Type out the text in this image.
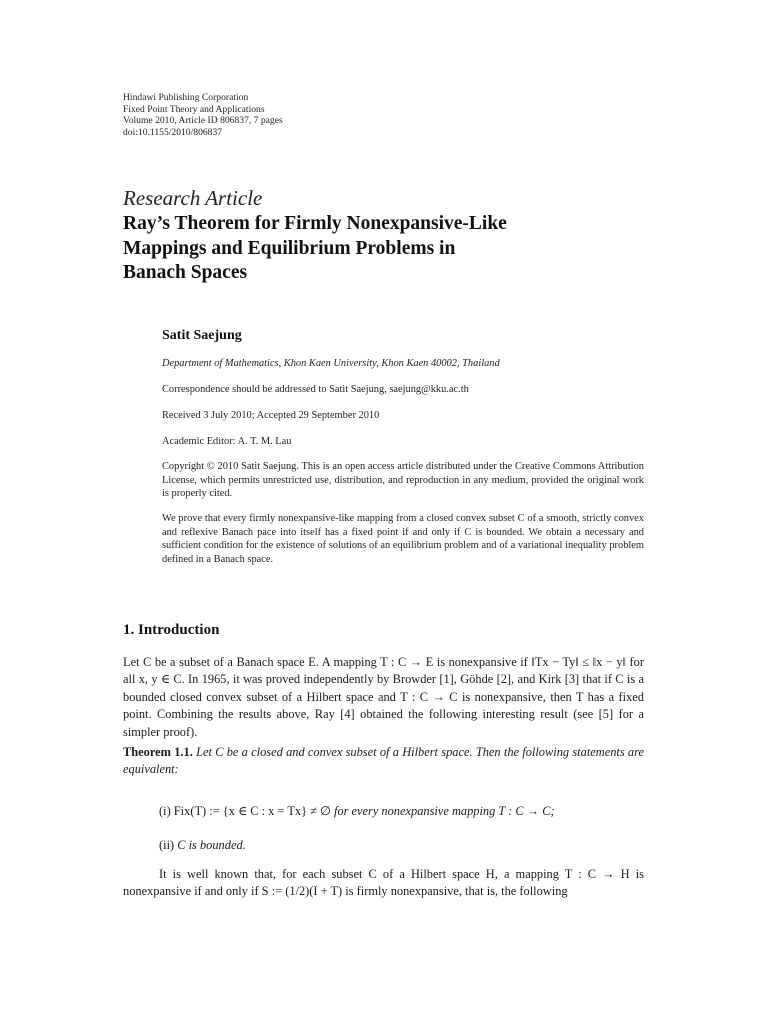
Hindawi Publishing Corporation
Fixed Point Theory and Applications
Volume 2010, Article ID 806837, 7 pages
doi:10.1155/2010/806837
Research Article
Ray’s Theorem for Firmly Nonexpansive-Like
Mappings and Equilibrium Problems in
Banach Spaces
Satit Saejung
Department of Mathematics, Khon Kaen University, Khon Kaen 40002, Thailand
Correspondence should be addressed to Satit Saejung, saejung@kku.ac.th
Received 3 July 2010; Accepted 29 September 2010
Academic Editor: A. T. M. Lau
Copyright © 2010 Satit Saejung. This is an open access article distributed under the Creative Commons Attribution License, which permits unrestricted use, distribution, and reproduction in any medium, provided the original work is properly cited.
We prove that every firmly nonexpansive-like mapping from a closed convex subset C of a smooth, strictly convex and reflexive Banach pace into itself has a fixed point if and only if C is bounded. We obtain a necessary and sufficient condition for the existence of solutions of an equilibrium problem and of a variational inequality problem defined in a Banach space.
1. Introduction
Let C be a subset of a Banach space E. A mapping T : C → E is nonexpansive if ‖Tx − Ty‖ ≤ ‖x − y‖ for all x, y ∈ C. In 1965, it was proved independently by Browder [1], Göhde [2], and Kirk [3] that if C is a bounded closed convex subset of a Hilbert space and T : C → C is nonexpansive, then T has a fixed point. Combining the results above, Ray [4] obtained the following interesting result (see [5] for a simpler proof).
Theorem 1.1. Let C be a closed and convex subset of a Hilbert space. Then the following statements are equivalent:
(i) Fix(T) := {x ∈ C : x = Tx} ≠ ∅ for every nonexpansive mapping T : C → C;
(ii) C is bounded.
It is well known that, for each subset C of a Hilbert space H, a mapping T : C → H is nonexpansive if and only if S := (1/2)(I + T) is firmly nonexpansive, that is, the following
